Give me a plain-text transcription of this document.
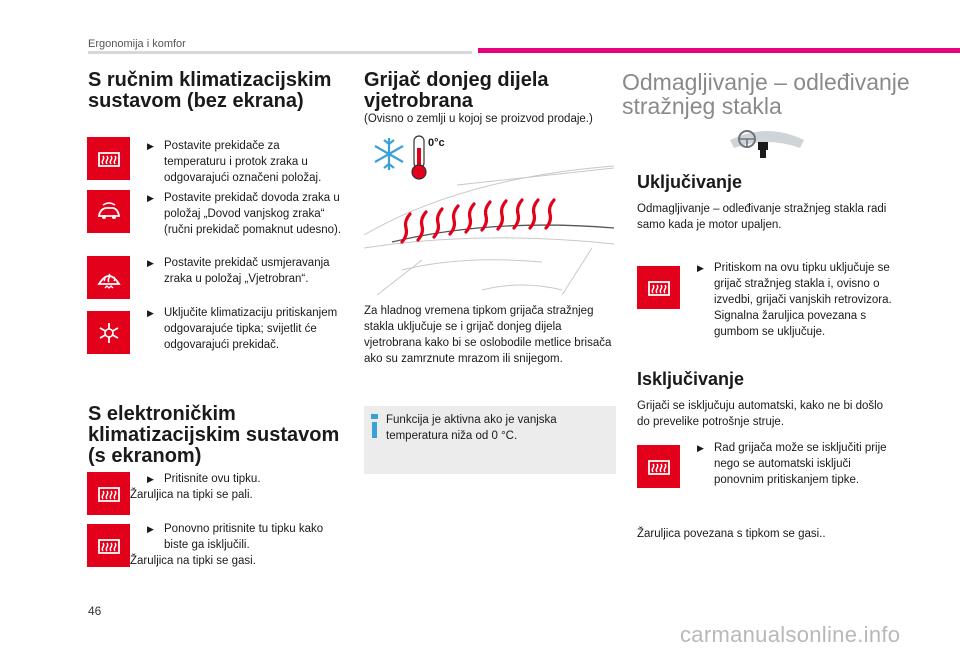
Ergonomija i komfor
S ručnim klimatizacijskim sustavom (bez ekrana)
▶ Postavite prekidače za temperaturu i protok zraka u odgovarajući označeni položaj.
▶ Postavite prekidač dovoda zraka u položaj „Dovod vanjskog zraka“ (ručni prekidač pomaknut udesno).
▶ Postavite prekidač usmjeravanja zraka u položaj „Vjetrobran“.
▶ Uključite klimatizaciju pritiskanjem odgovarajuće tipka; svijetlit će odgovarajući prekidač.
S elektroničkim klimatizacijskim sustavom (s ekranom)
▶ Pritisnite ovu tipku.
Žaruljica na tipki se pali.
▶ Ponovno pritisnite tu tipku kako biste ga isključili.
Žaruljica na tipki se gasi.
Grijač donjeg dijela vjetrobrana
(Ovisno o zemlji u kojoj se proizvod prodaje.)
0°c
Za hladnog vremena tipkom grijača stražnjeg stakla uključuje se i grijač donjeg dijela vjetrobrana kako bi se oslobodile metlice brisača ako su zamrznute mrazom ili snijegom.
Funkcija je aktivna ako je vanjska temperatura niža od 0 °C.
Odmagljivanje – odleđivanje stražnjeg stakla
Uključivanje
Odmagljivanje – odleđivanje stražnjeg stakla radi samo kada je motor upaljen.
▶ Pritiskom na ovu tipku uključuje se grijač stražnjeg stakla i, ovisno o izvedbi, grijači vanjskih retrovizora. Signalna žaruljica povezana s gumbom se uključuje.
Isključivanje
Grijači se isključuju automatski, kako ne bi došlo do prevelike potrošnje struje.
▶ Rad grijača može se isključiti prije nego se automatski isključi ponovnim pritiskanjem tipke.
Žaruljica povezana s tipkom se gasi..
46
carmanualsonline.info
